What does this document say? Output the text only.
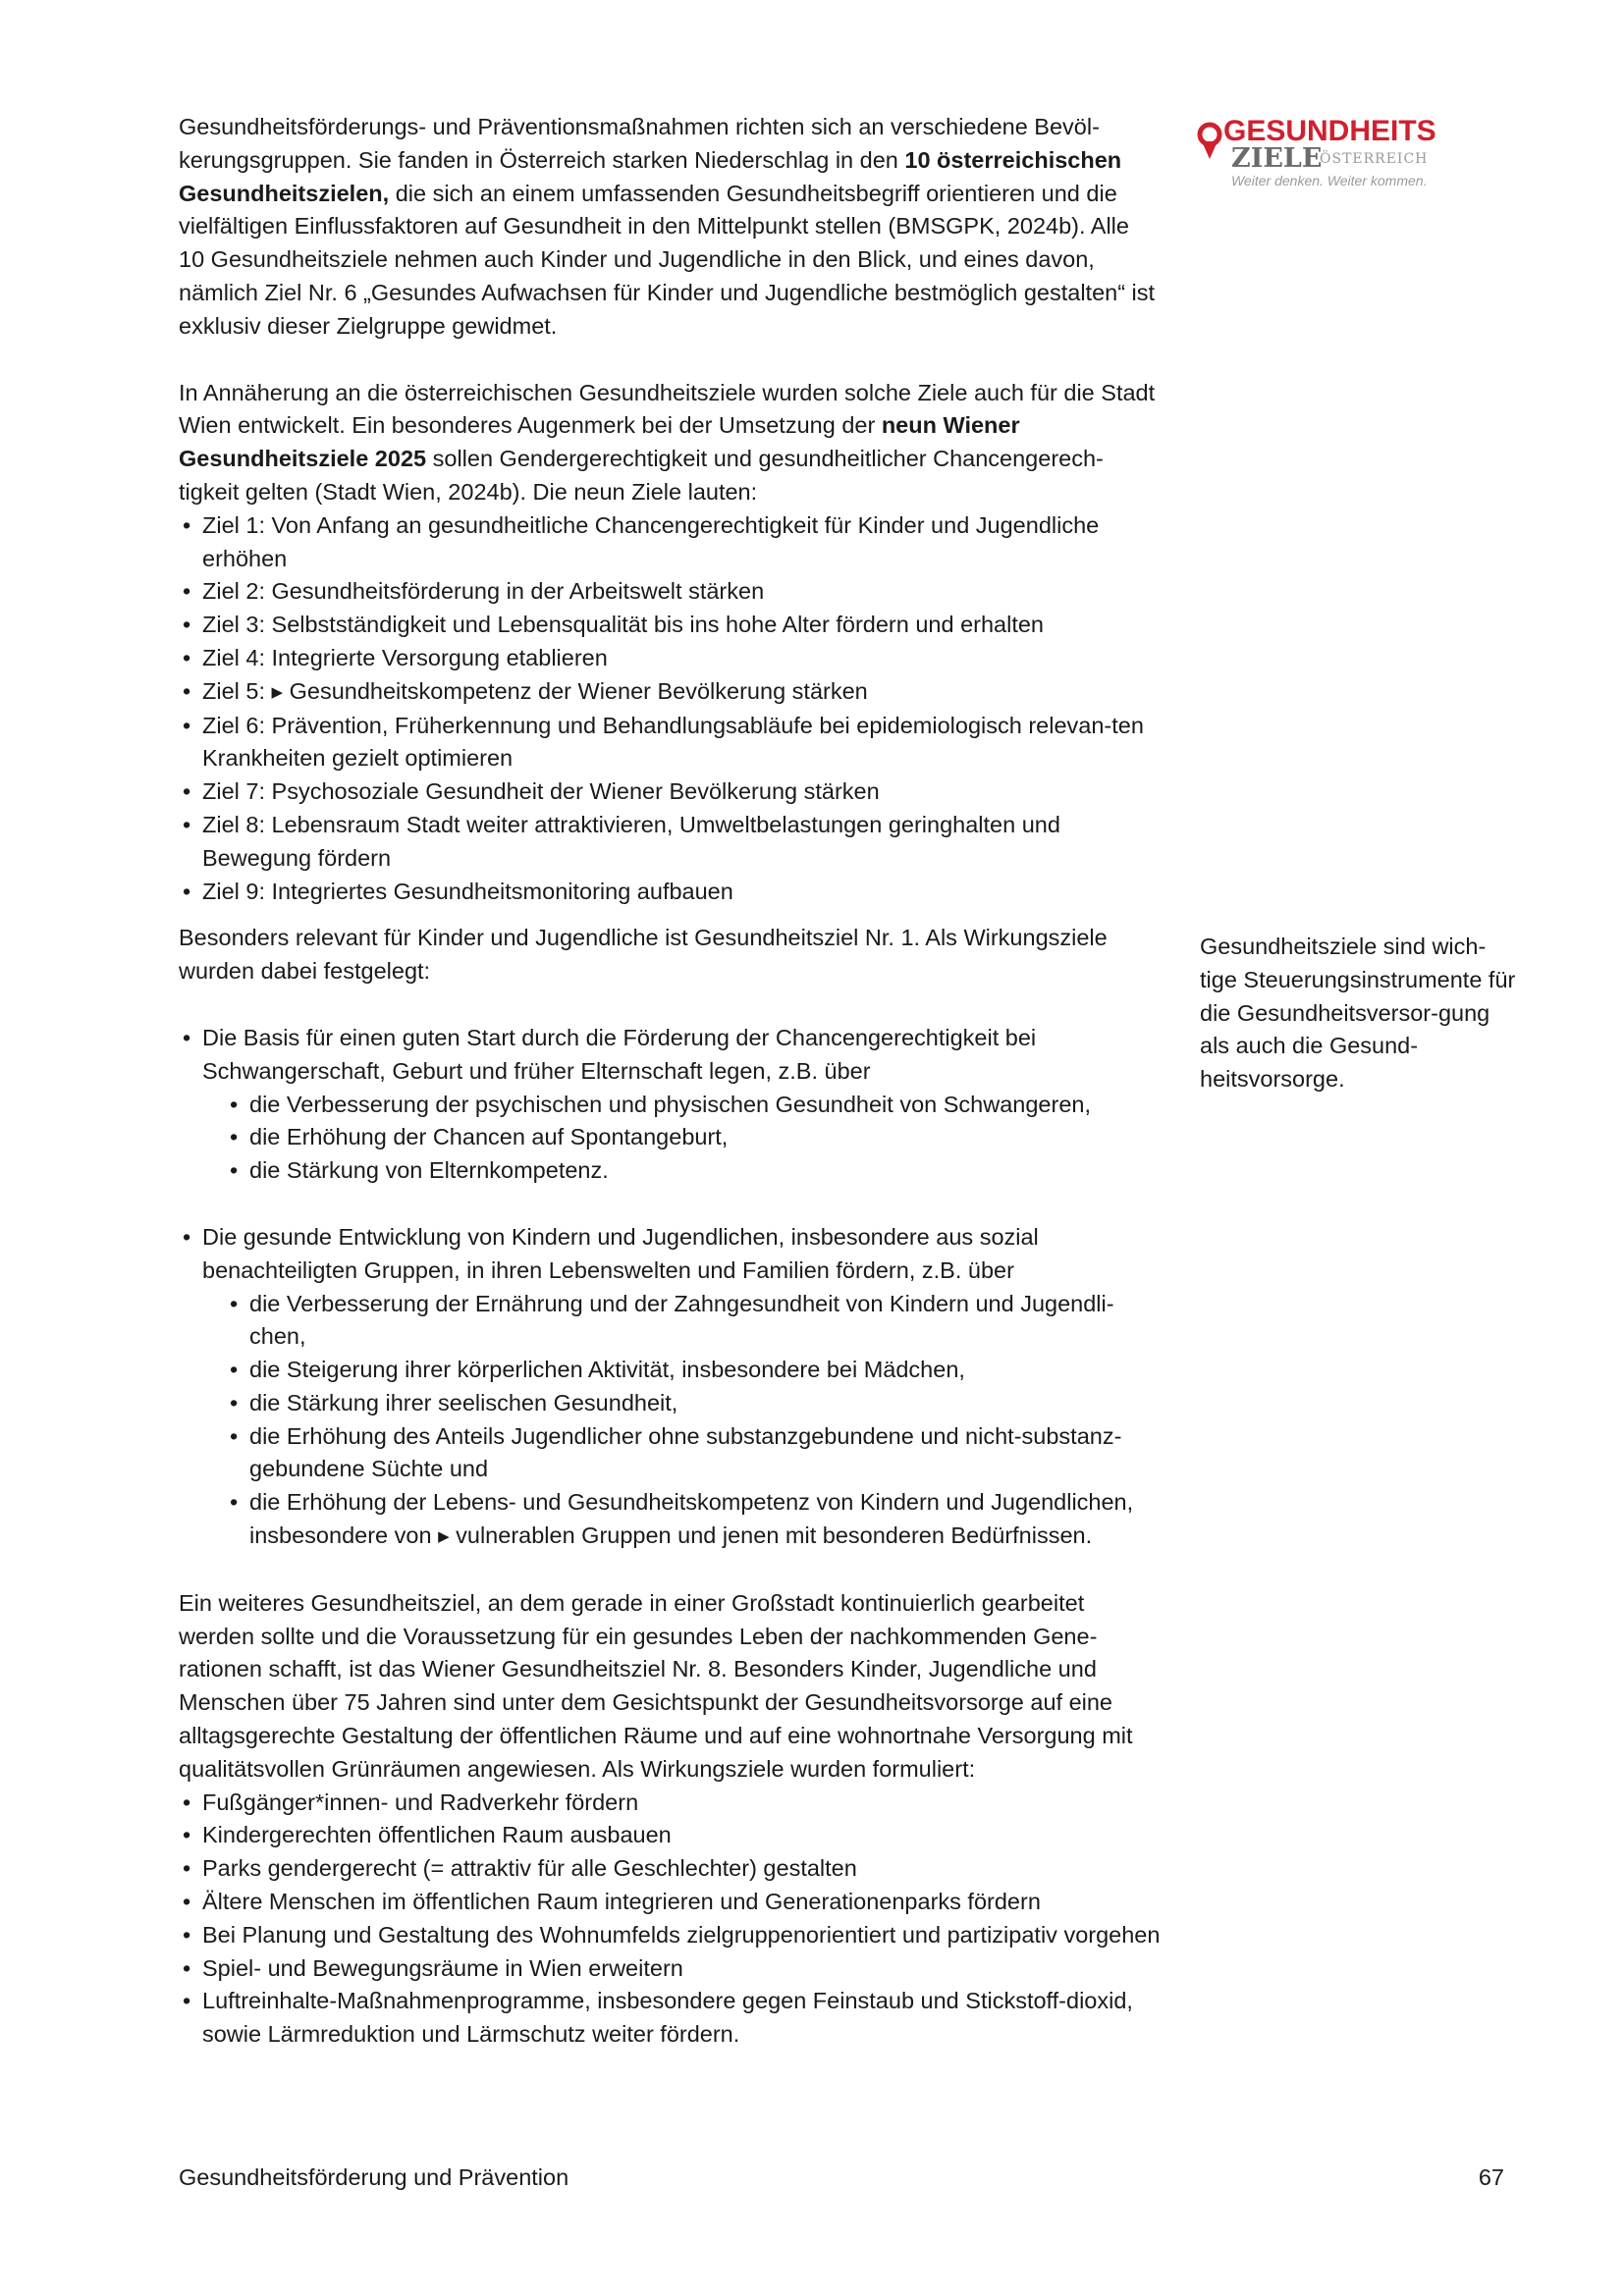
GESUNDHEITS
ZIELE
ÖSTERREICH
Weiter denken. Weiter kommen.

Gesundheitsförderungs- und Präventionsmaßnahmen richten sich an verschiedene Bevöl-kerungsgruppen. Sie fanden in Österreich starken Niederschlag in den 10 österreichischen Gesundheitszielen, die sich an einem umfassenden Gesundheitsbegriff orientieren und die vielfältigen Einflussfaktoren auf Gesundheit in den Mittelpunkt stellen (BMSGPK, 2024b). Alle 10 Gesundheitsziele nehmen auch Kinder und Jugendliche in den Blick, und eines davon, nämlich Ziel Nr. 6 „Gesundes Aufwachsen für Kinder und Jugendliche bestmöglich gestalten“ ist exklusiv dieser Zielgruppe gewidmet.

In Annäherung an die österreichischen Gesundheitsziele wurden solche Ziele auch für die Stadt Wien entwickelt. Ein besonderes Augenmerk bei der Umsetzung der neun Wiener Gesundheitsziele 2025 sollen Gendergerechtigkeit und gesundheitlicher Chancengerech-tigkeit gelten (Stadt Wien, 2024b). Die neun Ziele lauten:

• Ziel 1: Von Anfang an gesundheitliche Chancengerechtigkeit für Kinder und Jugendliche erhöhen
• Ziel 2: Gesundheitsförderung in der Arbeitswelt stärken
• Ziel 3: Selbstständigkeit und Lebensqualität bis ins hohe Alter fördern und erhalten
• Ziel 4: Integrierte Versorgung etablieren
• Ziel 5: ▶ Gesundheitskompetenz der Wiener Bevölkerung stärken
• Ziel 6: Prävention, Früherkennung und Behandlungsabläufe bei epidemiologisch relevan-ten Krankheiten gezielt optimieren
• Ziel 7: Psychosoziale Gesundheit der Wiener Bevölkerung stärken
• Ziel 8: Lebensraum Stadt weiter attraktivieren, Umweltbelastungen geringhalten und Bewegung fördern
• Ziel 9: Integriertes Gesundheitsmonitoring aufbauen

Besonders relevant für Kinder und Jugendliche ist Gesundheitsziel Nr. 1. Als Wirkungsziele wurden dabei festgelegt:

• Die Basis für einen guten Start durch die Förderung der Chancengerechtigkeit bei Schwangerschaft, Geburt und früher Elternschaft legen, z.B. über
• die Verbesserung der psychischen und physischen Gesundheit von Schwangeren,
• die Erhöhung der Chancen auf Spontangeburt,
• die Stärkung von Elternkompetenz.
• Die gesunde Entwicklung von Kindern und Jugendlichen, insbesondere aus sozial benachteiligten Gruppen, in ihren Lebenswelten und Familien fördern, z.B. über
• die Verbesserung der Ernährung und der Zahngesundheit von Kindern und Jugendli-chen,
• die Steigerung ihrer körperlichen Aktivität, insbesondere bei Mädchen,
• die Stärkung ihrer seelischen Gesundheit,
• die Erhöhung des Anteils Jugendlicher ohne substanzgebundene und nicht-substanz-gebundene Süchte und
• die Erhöhung der Lebens- und Gesundheitskompetenz von Kindern und Jugendlichen, insbesondere von ▶ vulnerablen Gruppen und jenen mit besonderen Bedürfnissen.

Ein weiteres Gesundheitsziel, an dem gerade in einer Großstadt kontinuierlich gearbeitet werden sollte und die Voraussetzung für ein gesundes Leben der nachkommenden Gene-rationen schafft, ist das Wiener Gesundheitsziel Nr. 8. Besonders Kinder, Jugendliche und Menschen über 75 Jahren sind unter dem Gesichtspunkt der Gesundheitsvorsorge auf eine alltagsgerechte Gestaltung der öffentlichen Räume und auf eine wohnortnahe Versorgung mit qualitätsvollen Grünräumen angewiesen. Als Wirkungsziele wurden formuliert:

• Fußgänger*innen- und Radverkehr fördern
• Kindergerechten öffentlichen Raum ausbauen
• Parks gendergerecht (= attraktiv für alle Geschlechter) gestalten
• Ältere Menschen im öffentlichen Raum integrieren und Generationenparks fördern
• Bei Planung und Gestaltung des Wohnumfelds zielgruppenorientiert und partizipativ vorgehen
• Spiel- und Bewegungsräume in Wien erweitern
• Luftreinhalte-Maßnahmenprogramme, insbesondere gegen Feinstaub und Stickstoff-dioxid, sowie Lärmreduktion und Lärmschutz weiter fördern.
Gesundheitsziele sind wich-tige Steuerungsinstrumente für die Gesundheitsversor-gung als auch die Gesund-heitsvorsorge.
Gesundheitsförderung und Prävention	67
